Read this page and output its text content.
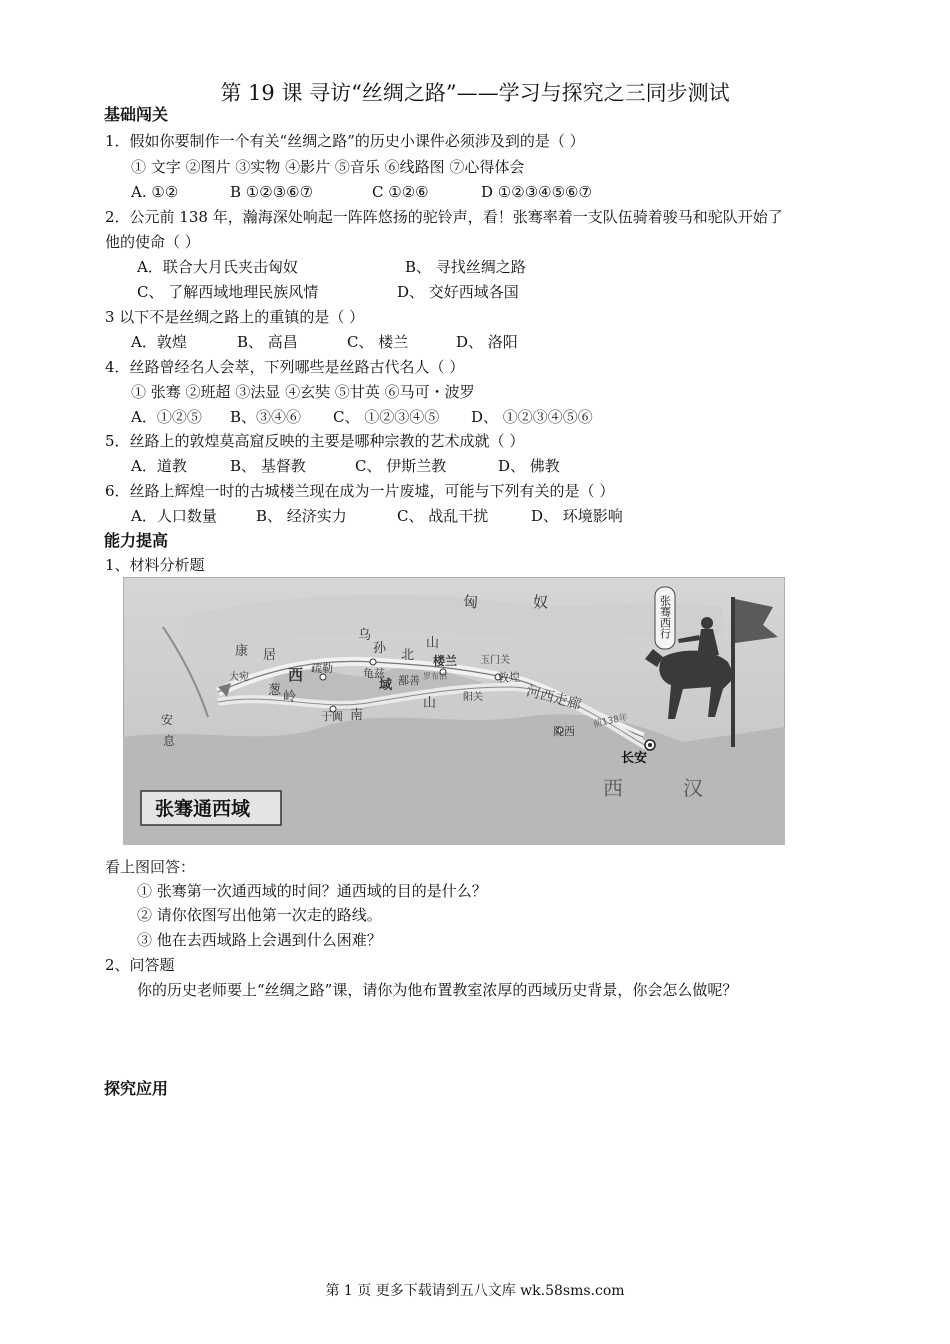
第 19 课 寻访“丝绸之路”——学习与探究之三同步测试
基础闯关
1．假如你要制作一个有关“丝绸之路”的历史小课件必须涉及到的是（ ）
① 文字 ②图片 ③实物 ④影片 ⑤音乐 ⑥线路图 ⑦心得体会
A. ①②	B ①②③⑥⑦	C ①②⑥	D ①②③④⑤⑥⑦
2．公元前 138 年，瀚海深处响起一阵阵悠扬的驼铃声，看！张骞率着一支队伍骑着骏马和驼队开始了
他的使命（ ）
A．联合大月氏夹击匈奴	B、 寻找丝绸之路
C、 了解西域地理民族风情	D、 交好西域各国
3 以下不是丝绸之路上的重镇的是（ ）
A．敦煌	B、 高昌	C、 楼兰	D、 洛阳
4．丝路曾经名人会萃，下列哪些是丝路古代名人（ ）
① 张骞 ②班超 ③法显 ④玄奘 ⑤甘英 ⑥马可・波罗
A．①②⑤ B、③④⑥ C、 ①②③④⑤ D、 ①②③④⑤⑥
5．丝路上的敦煌莫高窟反映的主要是哪种宗教的艺术成就（ ）
A．道教	B、 基督教	C、 伊斯兰教	D、 佛教
6．丝路上辉煌一时的古城楼兰现在成为一片废墟，可能与下列有关的是（ ）
A．人口数量	B、 经济实力	C、 战乱干扰	D、 环境影响
能力提高
1、材料分析题
匈	奴
乌
孙
康 居
大宛	西
域
葱 岭
疏勒	龟兹
山
北 楼兰 玉门关
鄯善
阳关
敦煌
山
南
于阗
河西走廊
陇西
长安
西	汉
安
息
罗布泊
前138年
张骞西行
张骞通西域
看上图回答：
① 张骞第一次通西域的时间？通西域的目的是什么？
② 请你依图写出他第一次走的路线。
③ 他在去西域路上会遇到什么困难？
2、问答题
你的历史老师要上“丝绸之路”课，请你为他布置教室浓厚的西域历史背景，你会怎么做呢？
探究应用
第 1 页 更多下载请到五八文库 wk.58sms.com
